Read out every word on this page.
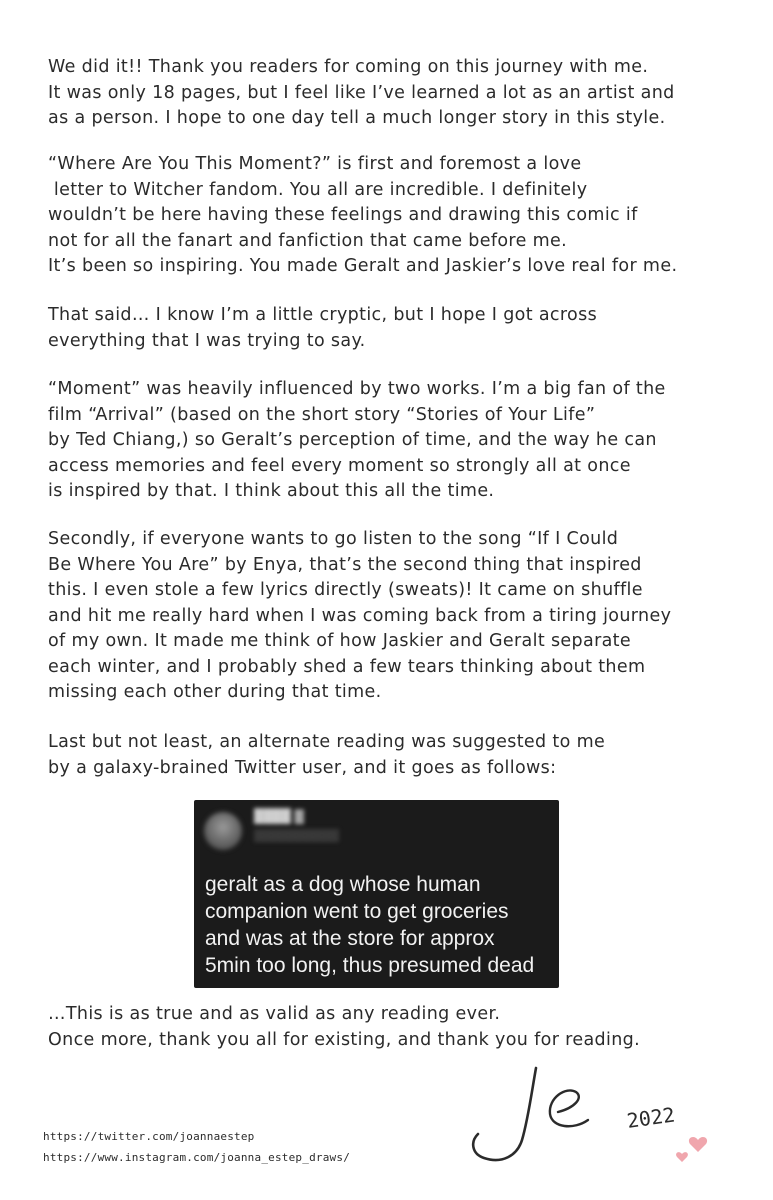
We did it!! Thank you readers for coming on this journey with me.
It was only 18 pages, but I feel like I’ve learned a lot as an artist and
as a person. I hope to one day tell a much longer story in this style.

“Where Are You This Moment?” is first and foremost a love
letter to Witcher fandom. You all are incredible. I definitely
wouldn’t be here having these feelings and drawing this comic if
not for all the fanart and fanfiction that came before me.
It’s been so inspiring. You made Geralt and Jaskier’s love real for me.

That said… I know I’m a little cryptic, but I hope I got across
everything that I was trying to say.

“Moment” was heavily influenced by two works. I’m a big fan of the
film “Arrival” (based on the short story “Stories of Your Life”
by Ted Chiang,) so Geralt’s perception of time, and the way he can
access memories and feel every moment so strongly all at once
is inspired by that. I think about this all the time.

Secondly, if everyone wants to go listen to the song “If I Could
Be Where You Are” by Enya, that’s the second thing that inspired
this. I even stole a few lyrics directly (sweats)! It came on shuffle
and hit me really hard when I was coming back from a tiring journey
of my own. It made me think of how Jaskier and Geralt separate
each winter, and I probably shed a few tears thinking about them
missing each other during that time.

Last but not least, an alternate reading was suggested to me
by a galaxy-brained Twitter user, and it goes as follows:

████ ▓
▒▒▒▒▒▒▒▒▒▒
geralt as a dog whose human
companion went to get groceries
and was at the store for approx
5min too long, thus presumed dead

…This is as true and as valid as any reading ever.
Once more, thank you all for existing, and thank you for reading.

https://twitter.com/joannaestep
https://www.instagram.com/joanna_estep_draws/
2022
